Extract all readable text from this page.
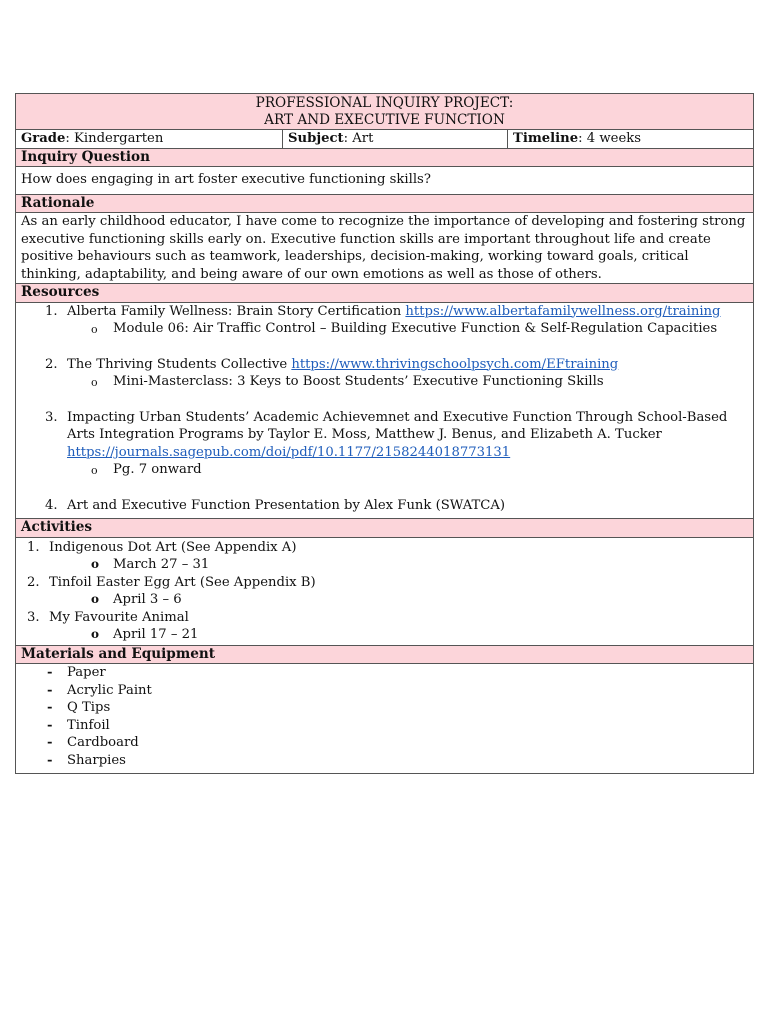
PROFESSIONAL INQUIRY PROJECT:
ART AND EXECUTIVE FUNCTION

Grade: Kindergarten	Subject: Art	Timeline: 4 weeks
Inquiry Question
How does engaging in art foster executive functioning skills?
Rationale
As an early childhood educator, I have come to recognize the importance of developing and fostering strong executive functioning skills early on. Executive function skills are important throughout life and create positive behaviours such as teamwork, leaderships, decision-making, working toward goals, critical thinking, adaptability, and being aware of our own emotions as well as those of others.
Resources

1. Alberta Family Wellness: Brain Story Certification https://www.albertafamilywellness.org/training
o Module 06: Air Traffic Control – Building Executive Function & Self-Regulation Capacities
2. The Thriving Students Collective https://www.thrivingschoolpsych.com/EFtraining
o Mini-Masterclass: 3 Keys to Boost Students’ Executive Functioning Skills
3. Impacting Urban Students’ Academic Achievemnet and Executive Function Through School-Based Arts Integration Programs by Taylor E. Moss, Matthew J. Benus, and Elizabeth A. Tucker https://journals.sagepub.com/doi/pdf/10.1177/2158244018773131
o Pg. 7 onward
4. Art and Executive Function Presentation by Alex Funk (SWATCA)

Activities

1. Indigenous Dot Art (See Appendix A)
o March 27 – 31
2. Tinfoil Easter Egg Art (See Appendix B)
o April 3 – 6
3. My Favourite Animal
o April 17 – 21

Materials and Equipment

- Paper
- Acrylic Paint
- Q Tips
- Tinfoil
- Cardboard
- Sharpies
